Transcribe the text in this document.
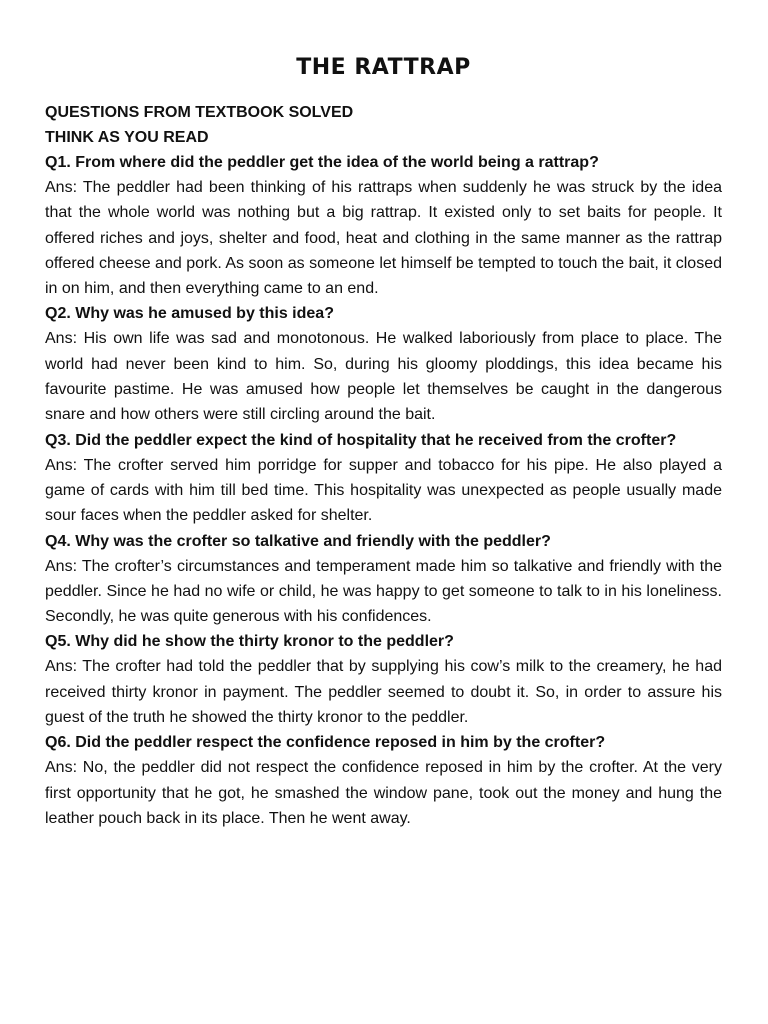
THE RATTRAP

QUESTIONS FROM TEXTBOOK SOLVED

THINK AS YOU READ

Q1. From where did the peddler get the idea of the world being a rattrap?

Ans: The peddler had been thinking of his rattraps when suddenly he was struck by the idea that the whole world was nothing but a big rattrap. It existed only to set baits for people. It offered riches and joys, shelter and food, heat and clothing in the same manner as the rattrap offered cheese and pork. As soon as someone let himself be tempted to touch the bait, it closed in on him, and then everything came to an end.

Q2. Why was he amused by this idea?

Ans: His own life was sad and monotonous. He walked laboriously from place to place. The world had never been kind to him. So, during his gloomy ploddings, this idea became his favourite pastime. He was amused how people let themselves be caught in the dangerous snare and how others were still circling around the bait.

Q3. Did the peddler expect the kind of hospitality that he received from the crofter?

Ans: The crofter served him porridge for supper and tobacco for his pipe. He also played a game of cards with him till bed time. This hospitality was unexpected as people usually made sour faces when the peddler asked for shelter.

Q4. Why was the crofter so talkative and friendly with the peddler?

Ans: The crofter’s circumstances and temperament made him so talkative and friendly with the peddler. Since he had no wife or child, he was happy to get someone to talk to in his loneliness. Secondly, he was quite generous with his confidences.

Q5. Why did he show the thirty kronor to the peddler?

Ans: The crofter had told the peddler that by supplying his cow’s milk to the creamery, he had received thirty kronor in payment. The peddler seemed to doubt it. So, in order to assure his guest of the truth he showed the thirty kronor to the peddler.

Q6. Did the peddler respect the confidence reposed in him by the crofter?

Ans: No, the peddler did not respect the confidence reposed in him by the crofter. At the very first opportunity that he got, he smashed the window pane, took out the money and hung the leather pouch back in its place. Then he went away.
